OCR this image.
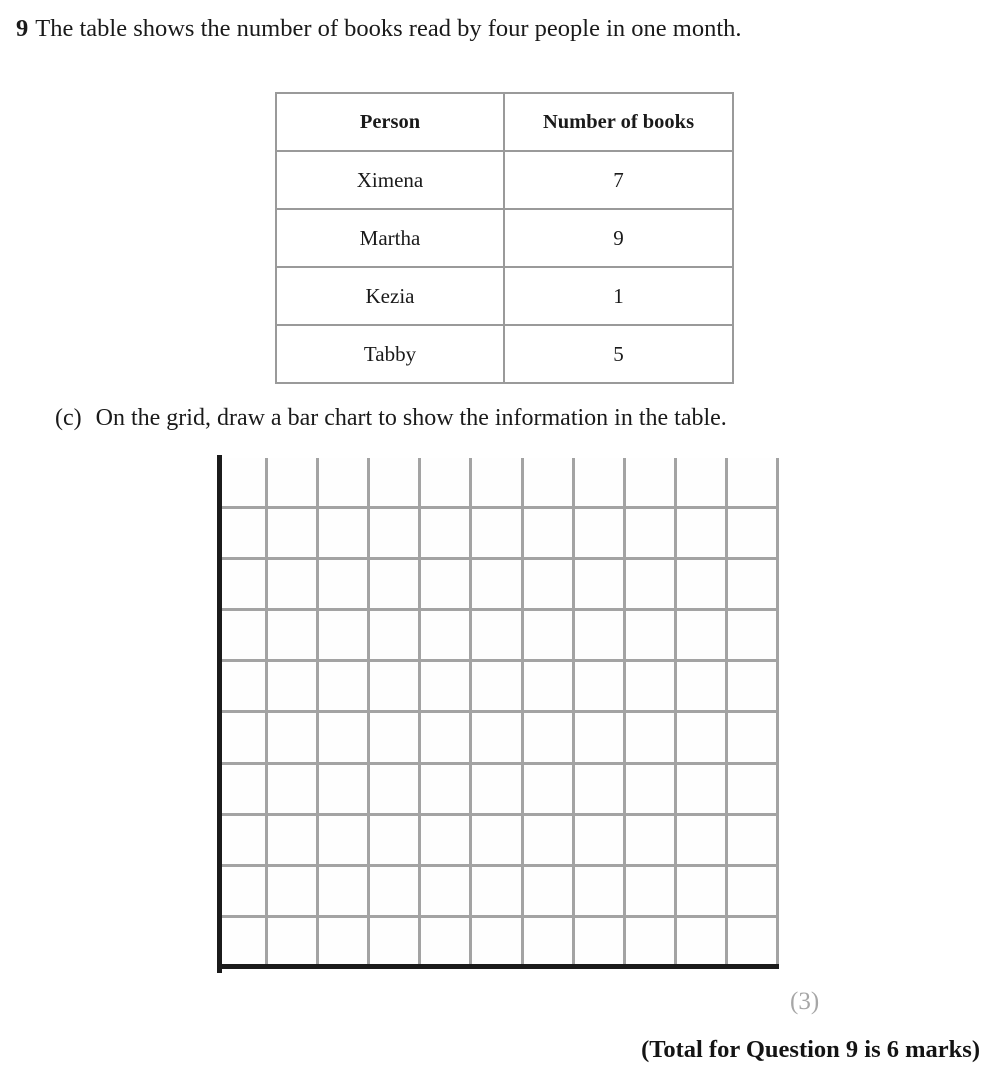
9 The table shows the number of books read by four people in one month.
Person	Number of books
Ximena	7
Martha	9
Kezia	1
Tabby	5
(c) On the grid, draw a bar chart to show the information in the table.
(3)
(Total for Question 9 is 6 marks)
